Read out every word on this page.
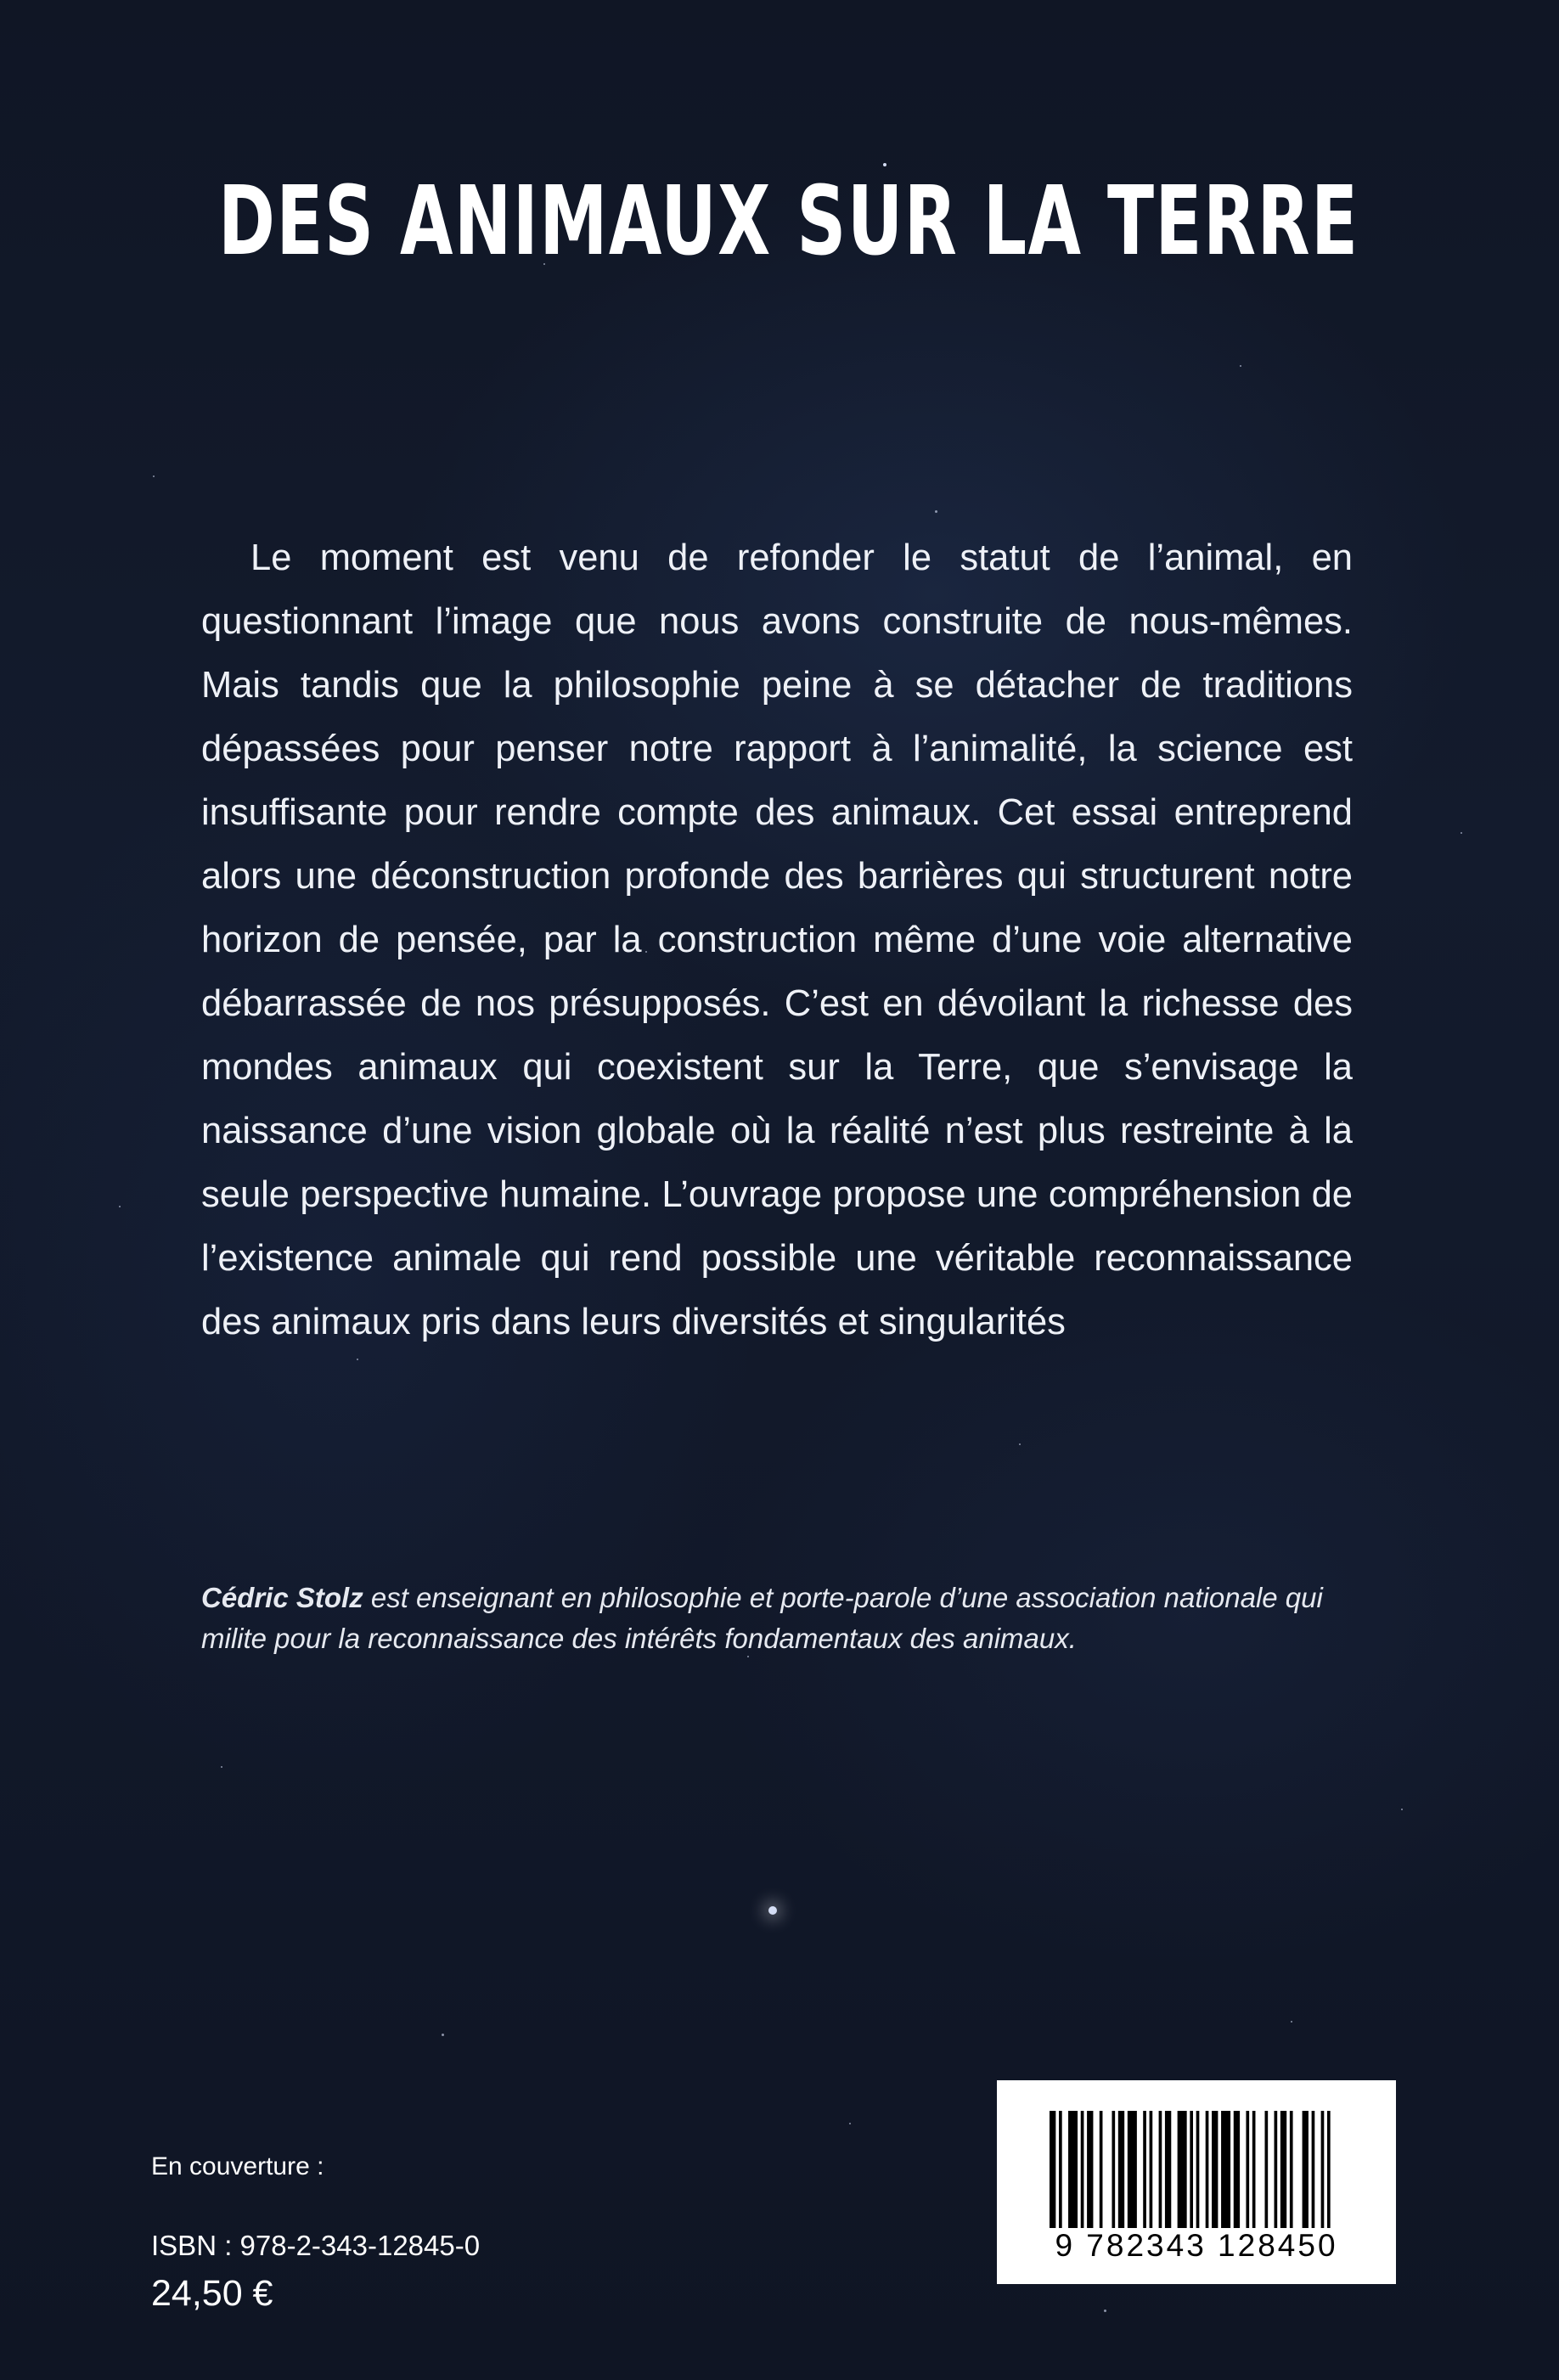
DES ANIMAUX SUR LA TERRE

Le moment est venu de refonder le statut de l’animal, en questionnant l’image que nous avons construite de nous-mêmes. Mais tandis que la philosophie peine à se détacher de traditions dépassées pour penser notre rapport à l’animalité, la science est insuffisante pour rendre compte des animaux. Cet essai entreprend alors une déconstruction profonde des barrières qui structurent notre horizon de pensée, par la construction même d’une voie alternative débarrassée de nos présupposés. C’est en dévoilant la richesse des mondes animaux qui coexistent sur la Terre, que s’envisage la naissance d’une vision globale où la réalité n’est plus restreinte à la seule perspective humaine. L’ouvrage propose une compréhension de l’existence animale qui rend possible une véritable reconnaissance des animaux pris dans leurs diversités et singularités

Cédric Stolz est enseignant en philosophie et porte-parole d’une association nationale qui milite pour la reconnaissance des intérêts fondamentaux des animaux.

En couverture :
ISBN : 978-2-343-12845-0
24,50 €
9 782343 128450
